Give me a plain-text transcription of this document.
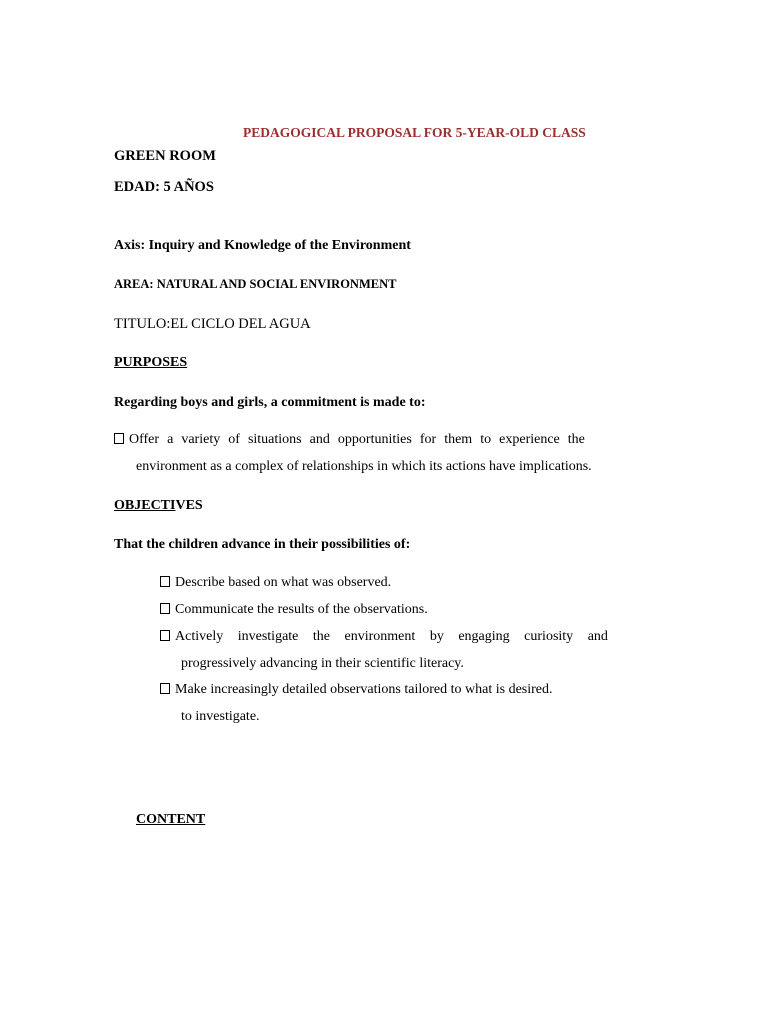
PEDAGOGICAL PROPOSAL FOR 5-YEAR-OLD CLASS
GREEN ROOM
EDAD: 5 AÑOS
Axis: Inquiry and Knowledge of the Environment
AREA: NATURAL AND SOCIAL ENVIRONMENT
TITULO:EL CICLO DEL AGUA
PURPOSES
Regarding boys and girls, a commitment is made to:
Offer a variety of situations and opportunities for them to experience the
environment as a complex of relationships in which its actions have implications.
OBJECTIVES
That the children advance in their possibilities of:
Describe based on what was observed.
Communicate the results of the observations.
Actively investigate the environment by engaging curiosity and
progressively advancing in their scientific literacy.
Make increasingly detailed observations tailored to what is desired.
to investigate.
CONTENT
